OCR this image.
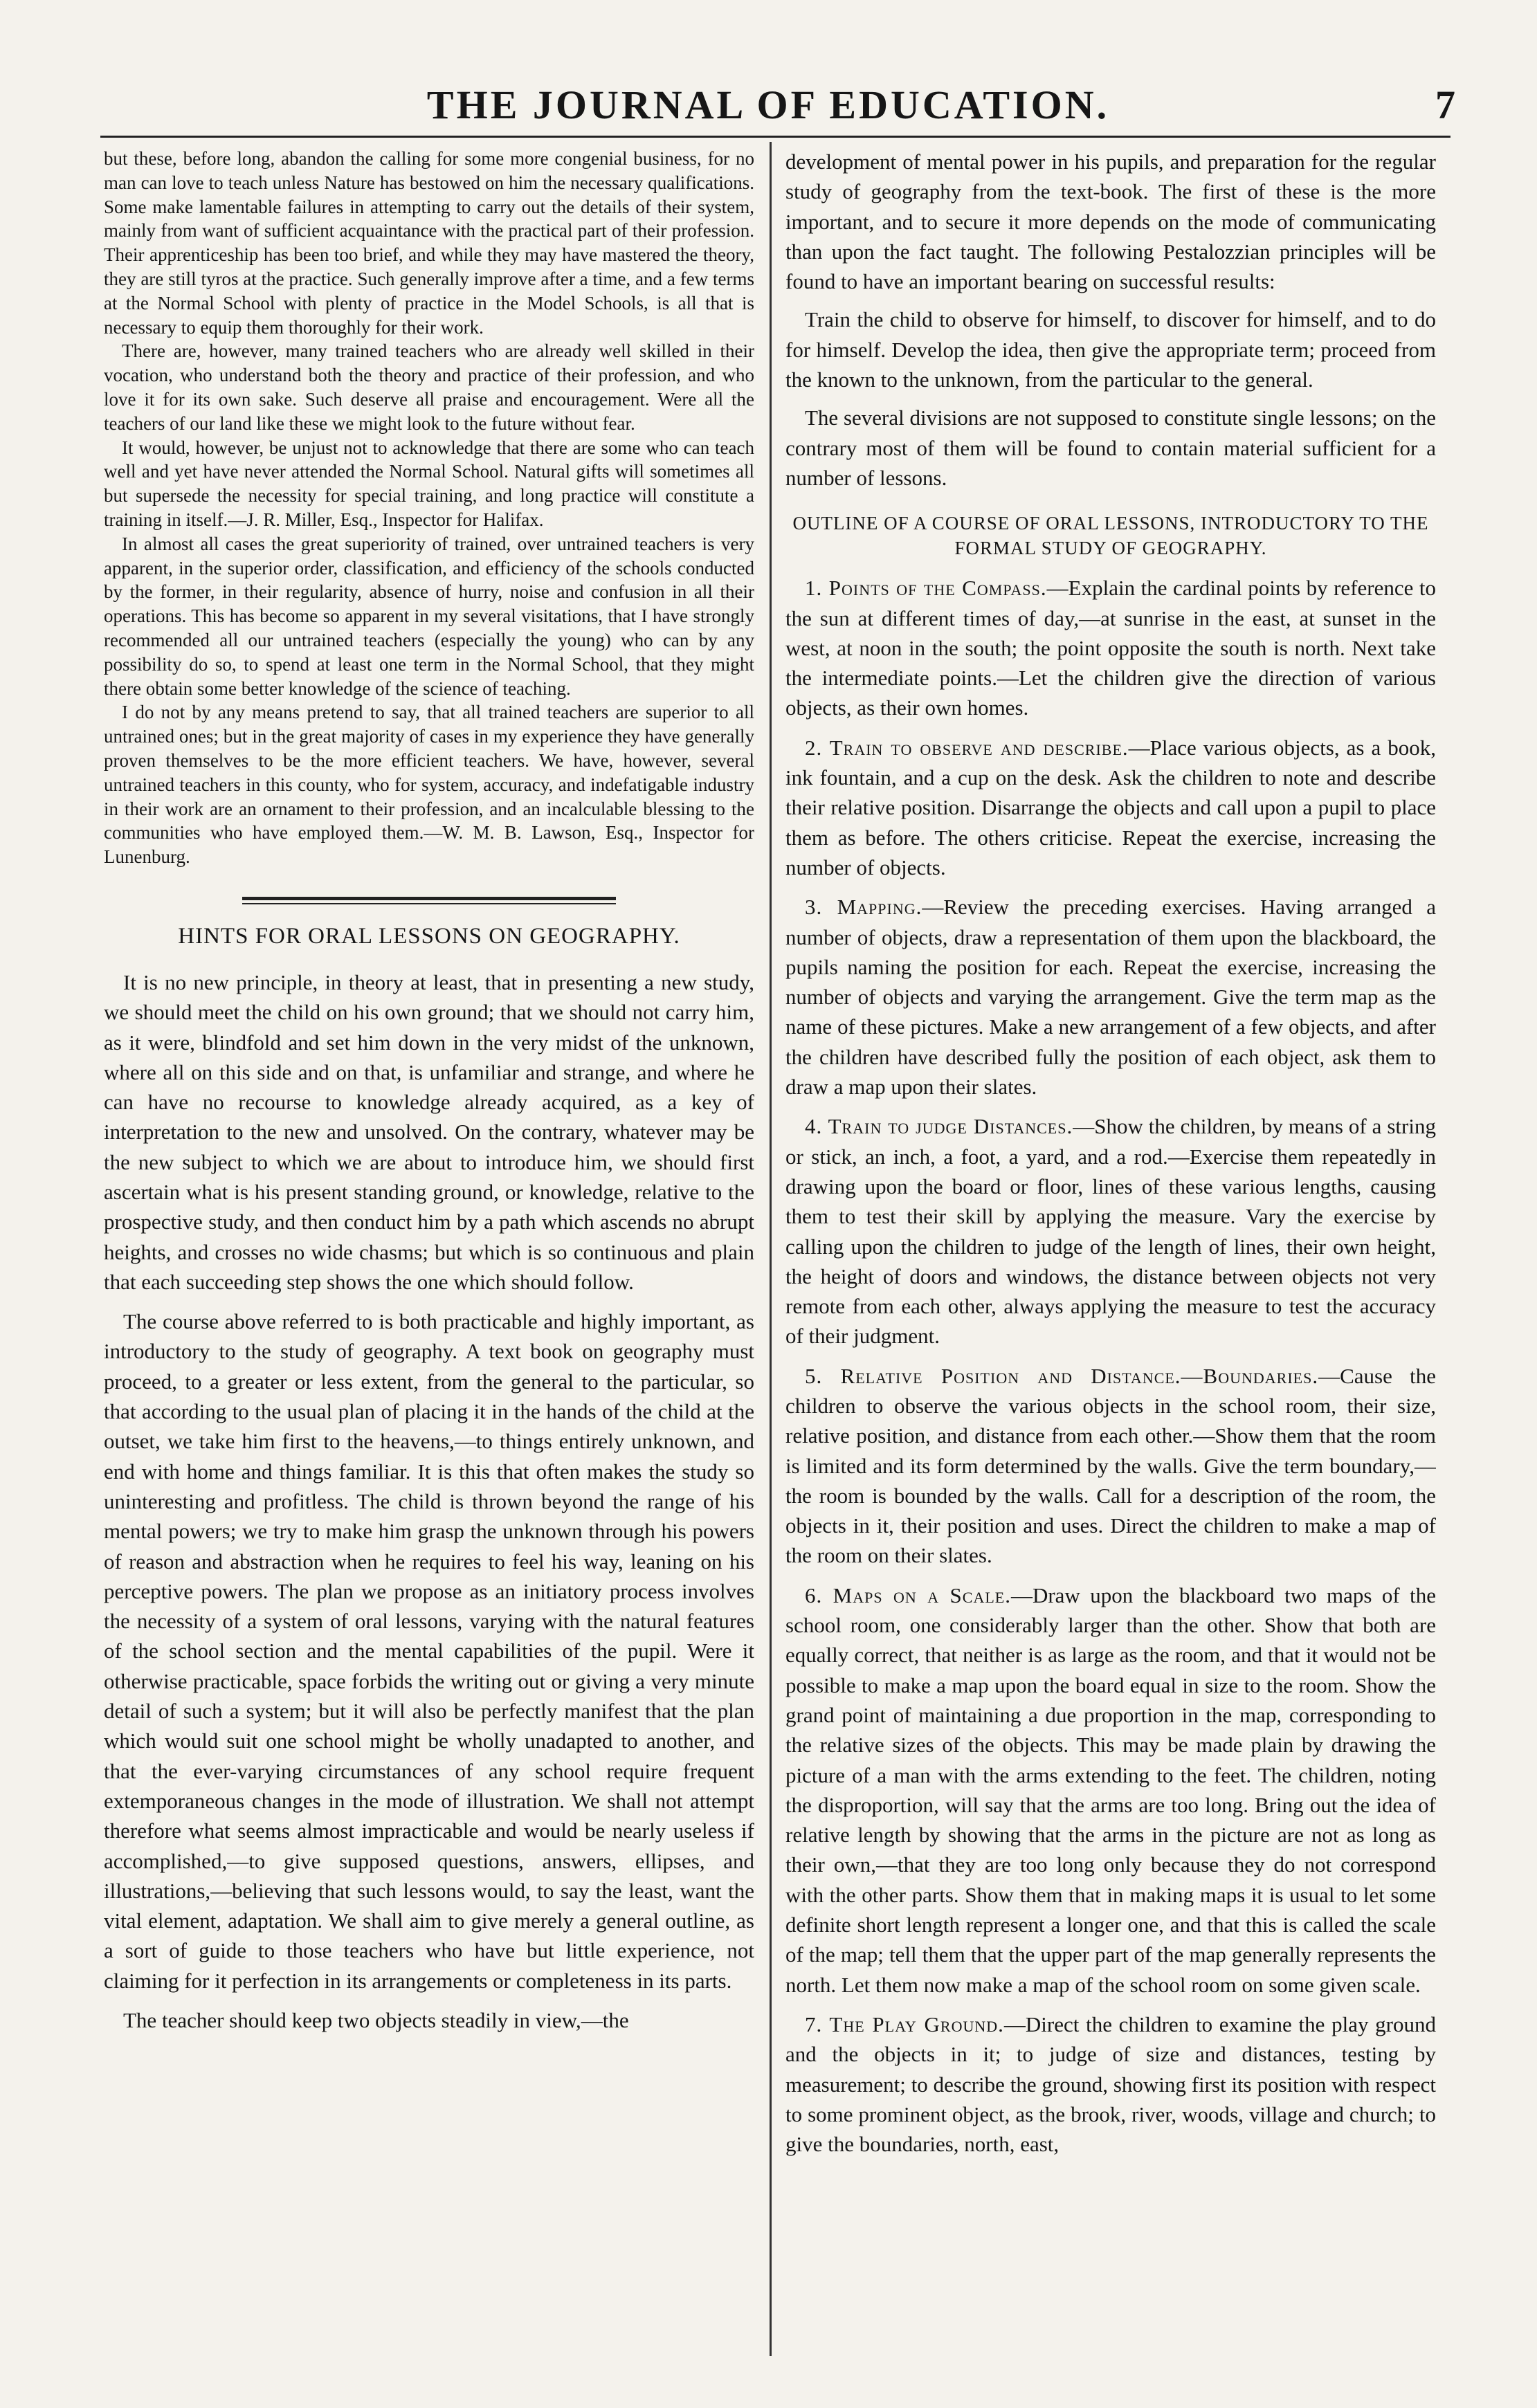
THE JOURNAL OF EDUCATION.	7

but these, before long, abandon the calling for some more congenial business, for no man can love to teach unless Nature has bestowed on him the necessary qualifications. Some make lamentable failures in attempting to carry out the details of their system, mainly from want of sufficient acquaintance with the practical part of their profession. Their apprenticeship has been too brief, and while they may have mastered the theory, they are still tyros at the practice. Such generally improve after a time, and a few terms at the Normal School with plenty of practice in the Model Schools, is all that is necessary to equip them thoroughly for their work.

There are, however, many trained teachers who are already well skilled in their vocation, who understand both the theory and practice of their profession, and who love it for its own sake. Such deserve all praise and encouragement. Were all the teachers of our land like these we might look to the future without fear.

It would, however, be unjust not to acknowledge that there are some who can teach well and yet have never attended the Normal School. Natural gifts will sometimes all but supersede the necessity for special training, and long practice will constitute a training in itself.—J. R. Miller, Esq., Inspector for Halifax.

In almost all cases the great superiority of trained, over untrained teachers is very apparent, in the superior order, classification, and efficiency of the schools conducted by the former, in their regularity, absence of hurry, noise and confusion in all their operations. This has become so apparent in my several visitations, that I have strongly recommended all our untrained teachers (especially the young) who can by any possibility do so, to spend at least one term in the Normal School, that they might there obtain some better knowledge of the science of teaching.

I do not by any means pretend to say, that all trained teachers are superior to all untrained ones; but in the great majority of cases in my experience they have generally proven themselves to be the more efficient teachers. We have, however, several untrained teachers in this county, who for system, accuracy, and indefatigable industry in their work are an ornament to their profession, and an incalculable blessing to the communities who have employed them.—W. M. B. Lawson, Esq., Inspector for Lunenburg.

HINTS FOR ORAL LESSONS ON GEOGRAPHY.

It is no new principle, in theory at least, that in presenting a new study, we should meet the child on his own ground; that we should not carry him, as it were, blindfold and set him down in the very midst of the unknown, where all on this side and on that, is unfamiliar and strange, and where he can have no recourse to knowledge already acquired, as a key of interpretation to the new and unsolved. On the contrary, whatever may be the new subject to which we are about to introduce him, we should first ascertain what is his present standing ground, or knowledge, relative to the prospective study, and then conduct him by a path which ascends no abrupt heights, and crosses no wide chasms; but which is so continuous and plain that each succeeding step shows the one which should follow.

The course above referred to is both practicable and highly important, as introductory to the study of geography. A text book on geography must proceed, to a greater or less extent, from the general to the particular, so that according to the usual plan of placing it in the hands of the child at the outset, we take him first to the heavens,—to things entirely unknown, and end with home and things familiar. It is this that often makes the study so uninteresting and profitless. The child is thrown beyond the range of his mental powers; we try to make him grasp the unknown through his powers of reason and abstraction when he requires to feel his way, leaning on his perceptive powers. The plan we propose as an initiatory process involves the necessity of a system of oral lessons, varying with the natural features of the school section and the mental capabilities of the pupil. Were it otherwise practicable, space forbids the writing out or giving a very minute detail of such a system; but it will also be perfectly manifest that the plan which would suit one school might be wholly unadapted to another, and that the ever-varying circumstances of any school require frequent extemporaneous changes in the mode of illustration. We shall not attempt therefore what seems almost impracticable and would be nearly useless if accomplished,—to give supposed questions, answers, ellipses, and illustrations,—believing that such lessons would, to say the least, want the vital element, adaptation. We shall aim to give merely a general outline, as a sort of guide to those teachers who have but little experience, not claiming for it perfection in its arrangements or completeness in its parts.

The teacher should keep two objects steadily in view,—the

development of mental power in his pupils, and preparation for the regular study of geography from the text-book. The first of these is the more important, and to secure it more depends on the mode of communicating than upon the fact taught. The following Pestalozzian principles will be found to have an important bearing on successful results:

Train the child to observe for himself, to discover for himself, and to do for himself. Develop the idea, then give the appropriate term; proceed from the known to the unknown, from the particular to the general.

The several divisions are not supposed to constitute single lessons; on the contrary most of them will be found to contain material sufficient for a number of lessons.

OUTLINE OF A COURSE OF ORAL LESSONS, INTRODUCTORY TO THE FORMAL STUDY OF GEOGRAPHY.

1. Points of the Compass.—Explain the cardinal points by reference to the sun at different times of day,—at sunrise in the east, at sunset in the west, at noon in the south; the point opposite the south is north. Next take the intermediate points.—Let the children give the direction of various objects, as their own homes.

2. Train to observe and describe.—Place various objects, as a book, ink fountain, and a cup on the desk. Ask the children to note and describe their relative position. Disarrange the objects and call upon a pupil to place them as before. The others criticise. Repeat the exercise, increasing the number of objects.

3. Mapping.—Review the preceding exercises. Having arranged a number of objects, draw a representation of them upon the blackboard, the pupils naming the position for each. Repeat the exercise, increasing the number of objects and varying the arrangement. Give the term map as the name of these pictures. Make a new arrangement of a few objects, and after the children have described fully the position of each object, ask them to draw a map upon their slates.

4. Train to judge Distances.—Show the children, by means of a string or stick, an inch, a foot, a yard, and a rod.—Exercise them repeatedly in drawing upon the board or floor, lines of these various lengths, causing them to test their skill by applying the measure. Vary the exercise by calling upon the children to judge of the length of lines, their own height, the height of doors and windows, the distance between objects not very remote from each other, always applying the measure to test the accuracy of their judgment.

5. Relative Position and Distance.—Boundaries.—Cause the children to observe the various objects in the school room, their size, relative position, and distance from each other.—Show them that the room is limited and its form determined by the walls. Give the term boundary,—the room is bounded by the walls. Call for a description of the room, the objects in it, their position and uses. Direct the children to make a map of the room on their slates.

6. Maps on a Scale.—Draw upon the blackboard two maps of the school room, one considerably larger than the other. Show that both are equally correct, that neither is as large as the room, and that it would not be possible to make a map upon the board equal in size to the room. Show the grand point of maintaining a due proportion in the map, corresponding to the relative sizes of the objects. This may be made plain by drawing the picture of a man with the arms extending to the feet. The children, noting the disproportion, will say that the arms are too long. Bring out the idea of relative length by showing that the arms in the picture are not as long as their own,—that they are too long only because they do not correspond with the other parts. Show them that in making maps it is usual to let some definite short length represent a longer one, and that this is called the scale of the map; tell them that the upper part of the map generally represents the north. Let them now make a map of the school room on some given scale.

7. The Play Ground.—Direct the children to examine the play ground and the objects in it; to judge of size and distances, testing by measurement; to describe the ground, showing first its position with respect to some prominent object, as the brook, river, woods, village and church; to give the boundaries, north, east,
